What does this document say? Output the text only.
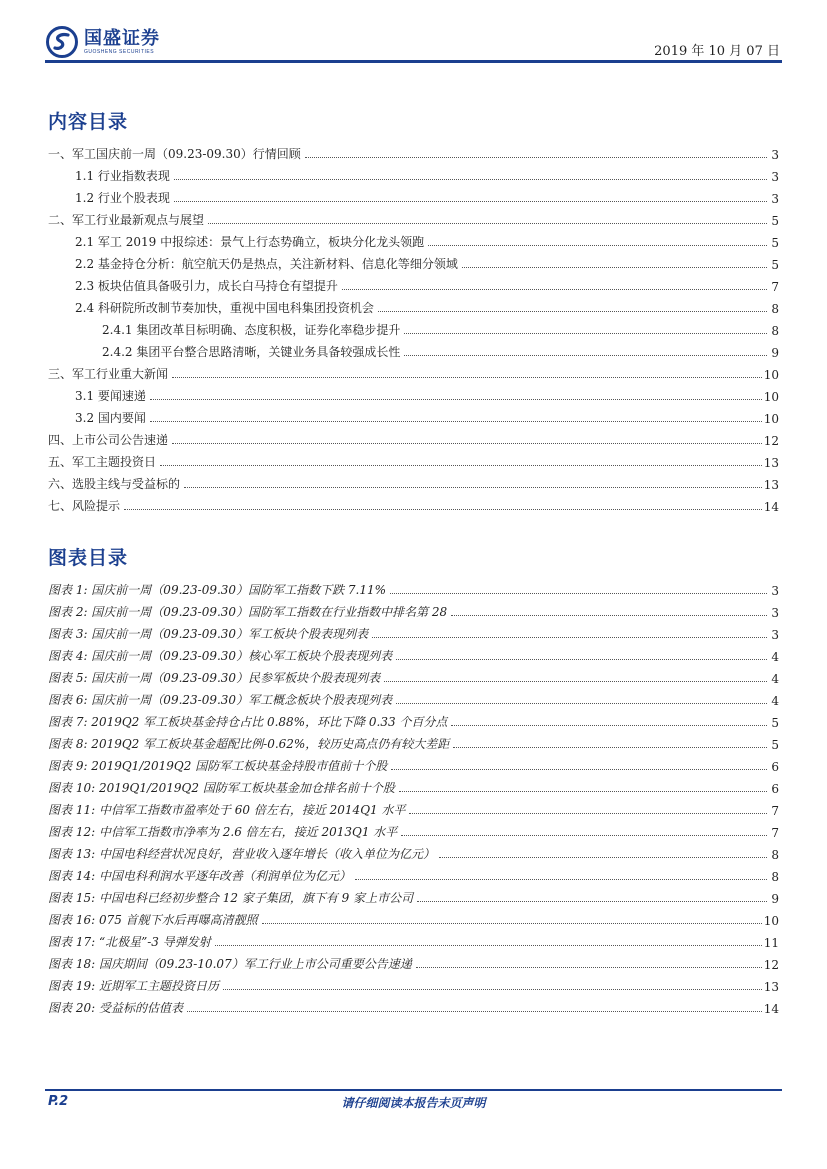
国盛证券
GUOSHENG SECURITIES	2019 年 10 月 07 日
内容目录
一、军工国庆前一周（09.23-09.30）行情回顾	3
1.1 行业指数表现	3
1.2 行业个股表现	3
二、军工行业最新观点与展望	5
2.1 军工 2019 中报综述：景气上行态势确立，板块分化龙头领跑	5
2.2 基金持仓分析：航空航天仍是热点，关注新材料、信息化等细分领域	5
2.3 板块估值具备吸引力，成长白马持仓有望提升	7
2.4 科研院所改制节奏加快，重视中国电科集团投资机会	8
2.4.1 集团改革目标明确、态度积极，证券化率稳步提升	8
2.4.2 集团平台整合思路清晰，关键业务具备较强成长性	9
三、军工行业重大新闻	10
3.1 要闻速递	10
3.2 国内要闻	10
四、上市公司公告速递	12
五、军工主题投资日	13
六、选股主线与受益标的	13
七、风险提示	14
图表目录
图表 1: 国庆前一周（09.23-09.30）国防军工指数下跌 7.11%	3
图表 2: 国庆前一周（09.23-09.30）国防军工指数在行业指数中排名第 28	3
图表 3: 国庆前一周（09.23-09.30）军工板块个股表现列表	3
图表 4: 国庆前一周（09.23-09.30）核心军工板块个股表现列表	4
图表 5: 国庆前一周（09.23-09.30）民参军板块个股表现列表	4
图表 6: 国庆前一周（09.23-09.30）军工概念板块个股表现列表	4
图表 7: 2019Q2 军工板块基金持仓占比 0.88%，环比下降 0.33 个百分点	5
图表 8: 2019Q2 军工板块基金超配比例-0.62%，较历史高点仍有较大差距	5
图表 9: 2019Q1/2019Q2 国防军工板块基金持股市值前十个股	6
图表 10: 2019Q1/2019Q2 国防军工板块基金加仓排名前十个股	6
图表 11: 中信军工指数市盈率处于 60 倍左右，接近 2014Q1 水平	7
图表 12: 中信军工指数市净率为 2.6 倍左右，接近 2013Q1 水平	7
图表 13: 中国电科经营状况良好，营业收入逐年增长（收入单位为亿元）	8
图表 14: 中国电科利润水平逐年改善（利润单位为亿元）	8
图表 15: 中国电科已经初步整合 12 家子集团，旗下有 9 家上市公司	9
图表 16: 075 首舰下水后再曝高清靓照	10
图表 17: “北极星”-3 导弹发射	11
图表 18: 国庆期间（09.23-10.07）军工行业上市公司重要公告速递	12
图表 19: 近期军工主题投资日历	13
图表 20: 受益标的估值表	14
P.2	请仔细阅读本报告末页声明
